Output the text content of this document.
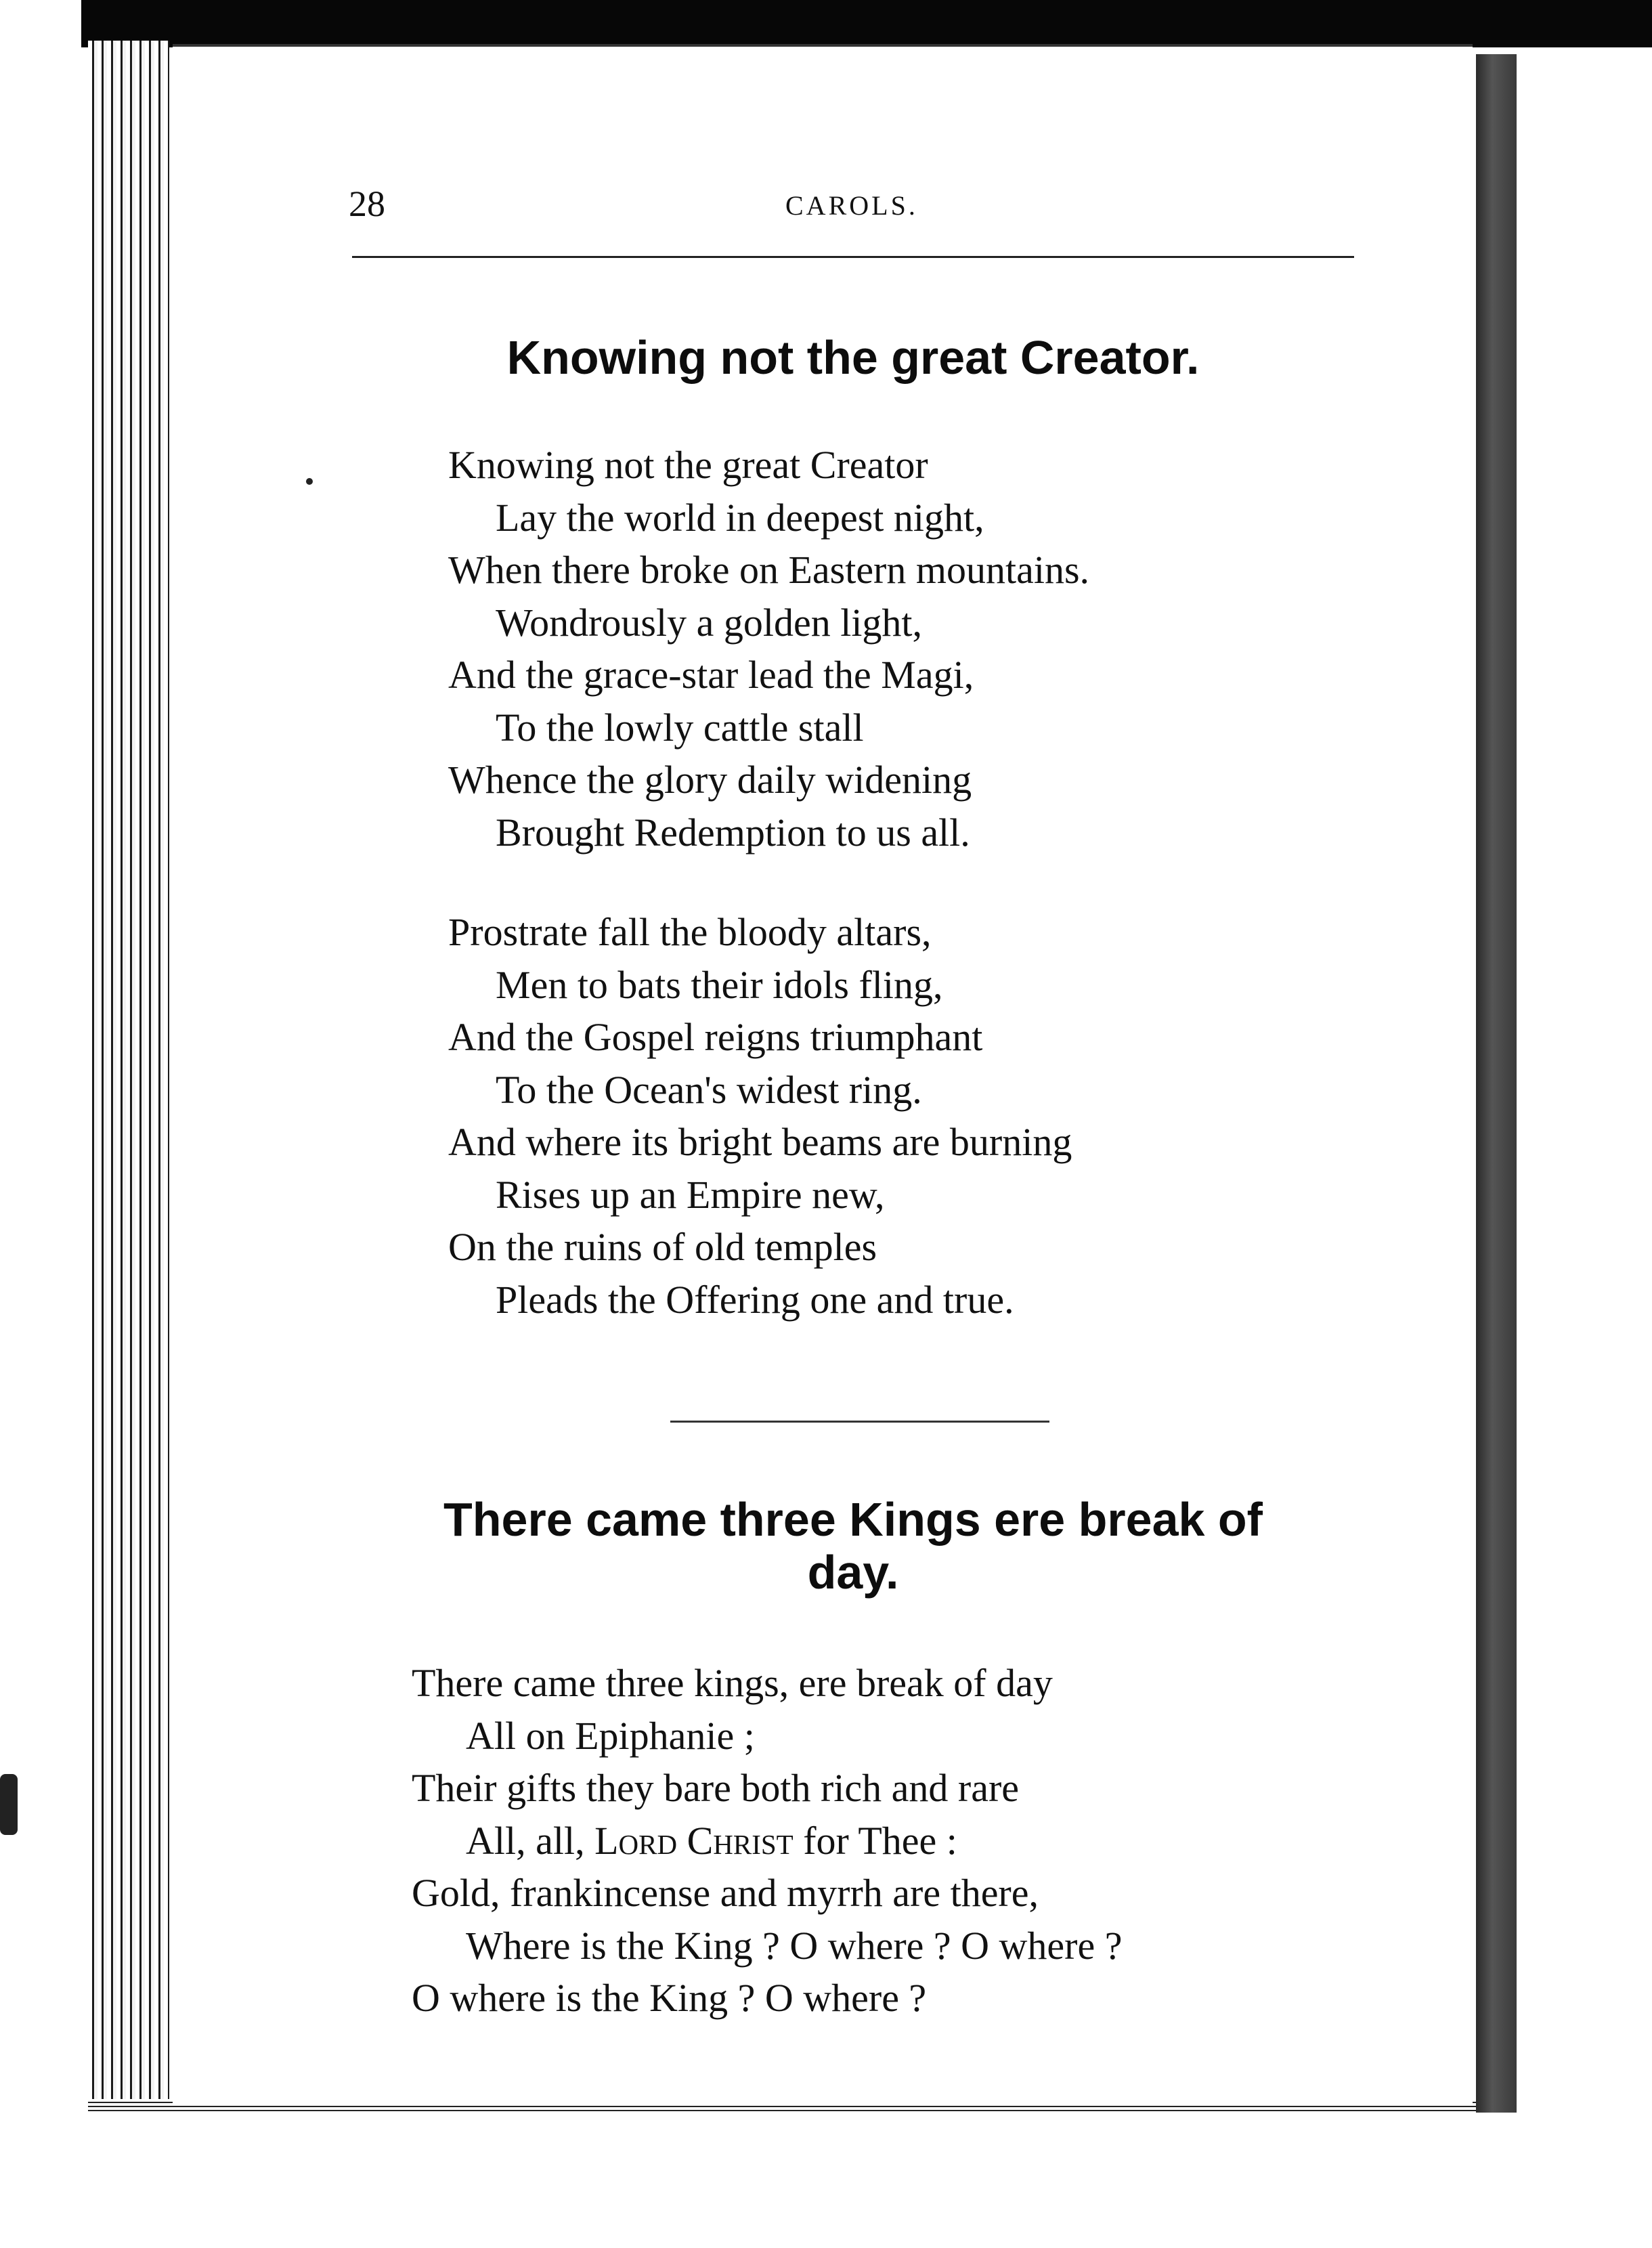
28	CAROLS.
Knowing not the great Creator.
Knowing not the great Creator
Lay the world in deepest night,
When there broke on Eastern mountains.
Wondrously a golden light,
And the grace-star lead the Magi,
To the lowly cattle stall
Whence the glory daily widening
Brought Redemption to us all.
Prostrate fall the bloody altars,
Men to bats their idols fling,
And the Gospel reigns triumphant
To the Ocean's widest ring.
And where its bright beams are burning
Rises up an Empire new,
On the ruins of old temples
Pleads the Offering one and true.
There came three Kings ere break of
day.
There came three kings, ere break of day
All on Epiphanie ;
Their gifts they bare both rich and rare
All, all, Lord Christ for Thee :
Gold, frankincense and myrrh are there,
Where is the King ? O where ? O where ?
O where is the King ? O where ?
